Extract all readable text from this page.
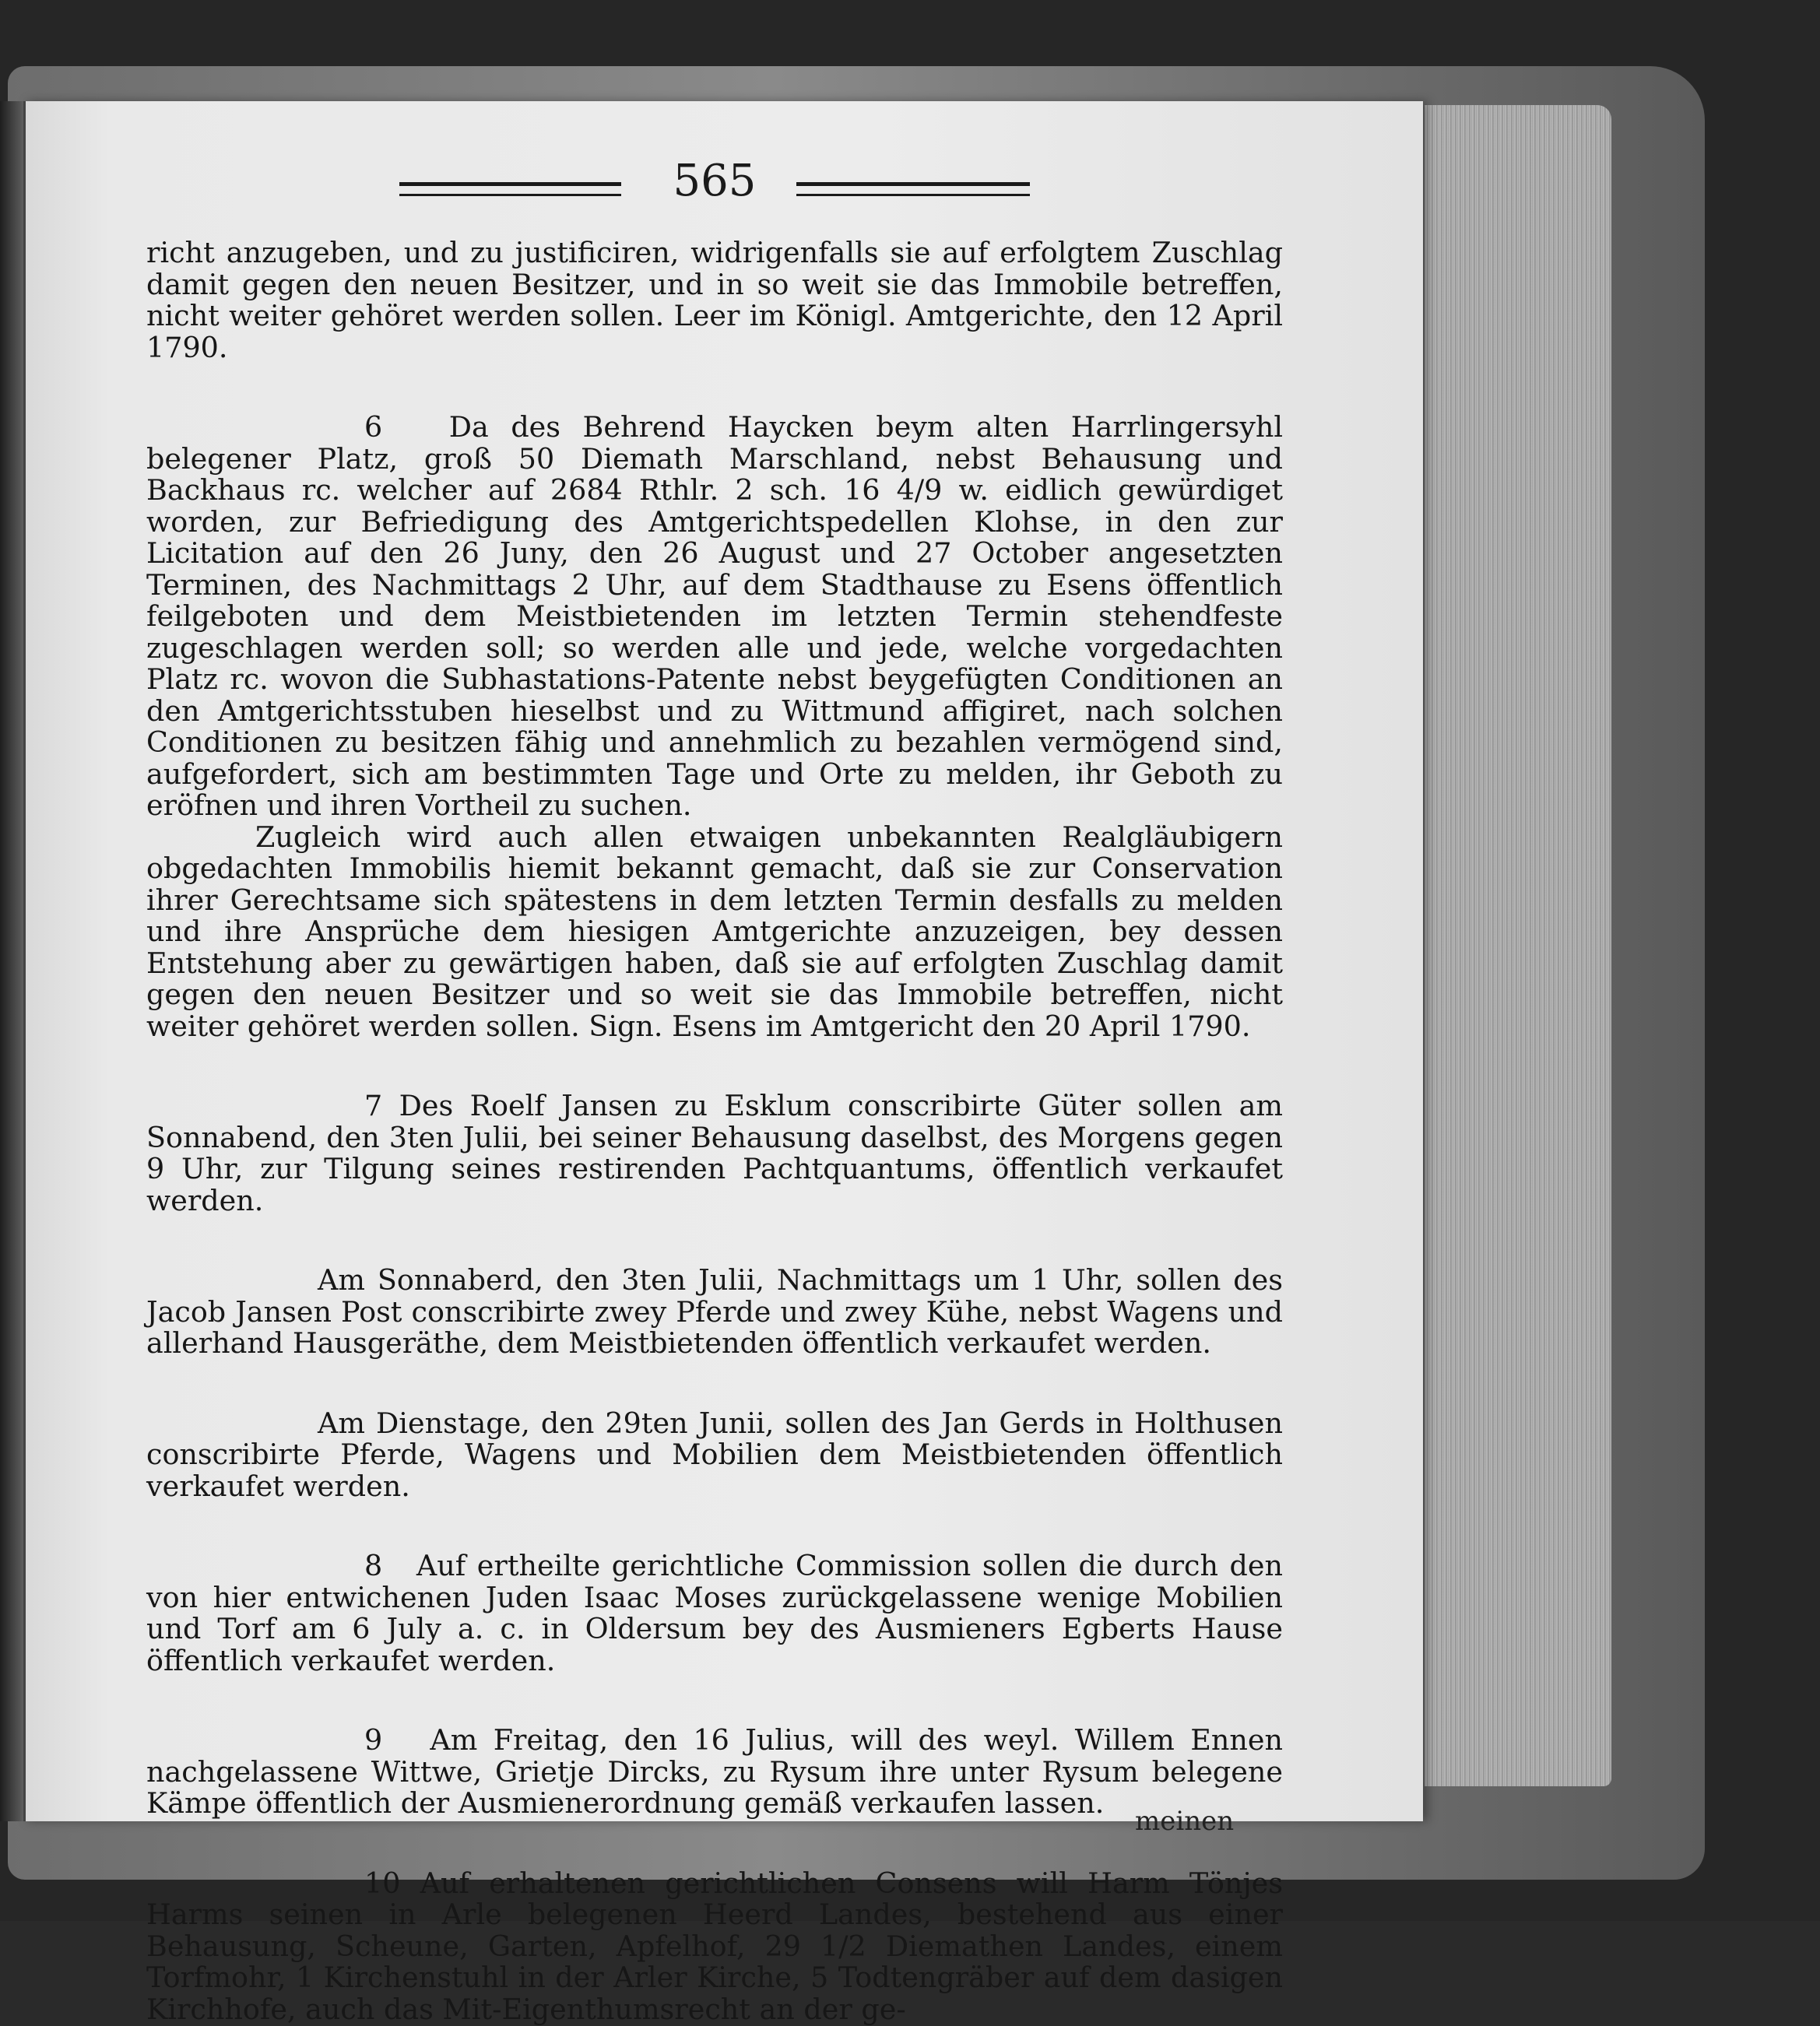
565

richt anzugeben, und zu justificiren, widrigenfalls sie auf erfolgtem Zuschlag damit gegen den neuen Besitzer, und in so weit sie das Immobile betreffen, nicht weiter gehöret werden sollen. Leer im Königl. Amtgerichte, den 12 April 1790.

6 Da des Behrend Haycken beym alten Harrlingersyhl belegener Platz, groß 50 Diemath Marschland, nebst Behausung und Backhaus rc. welcher auf 2684 Rthlr. 2 sch. 16 4/9 w. eidlich gewürdiget worden, zur Befriedigung des Amtgerichtspedellen Klohse, in den zur Licitation auf den 26 Juny, den 26 August und 27 October angesetzten Terminen, des Nachmittags 2 Uhr, auf dem Stadthause zu Esens öffentlich feilgeboten und dem Meistbietenden im letzten Termin stehendfeste zugeschlagen werden soll; so werden alle und jede, welche vorgedachten Platz rc. wovon die Subhastations-Patente nebst beygefügten Conditionen an den Amtgerichtsstuben hieselbst und zu Wittmund affigiret, nach solchen Conditionen zu besitzen fähig und annehmlich zu bezahlen vermögend sind, aufgefordert, sich am bestimmten Tage und Orte zu melden, ihr Geboth zu eröfnen und ihren Vortheil zu suchen.

Zugleich wird auch allen etwaigen unbekannten Realgläubigern obgedachten Immobilis hiemit bekannt gemacht, daß sie zur Conservation ihrer Gerechtsame sich spätestens in dem letzten Termin desfalls zu melden und ihre Ansprüche dem hiesigen Amtgerichte anzuzeigen, bey dessen Entstehung aber zu gewärtigen haben, daß sie auf erfolgten Zuschlag damit gegen den neuen Besitzer und so weit sie das Immobile betreffen, nicht weiter gehöret werden sollen. Sign. Esens im Amtgericht den 20 April 1790.

7 Des Roelf Jansen zu Esklum conscribirte Güter sollen am Sonnabend, den 3ten Julii, bei seiner Behausung daselbst, des Morgens gegen 9 Uhr, zur Tilgung seines restirenden Pachtquantums, öffentlich verkaufet werden.

Am Sonnaberd, den 3ten Julii, Nachmittags um 1 Uhr, sollen des Jacob Jansen Post conscribirte zwey Pferde und zwey Kühe, nebst Wagens und allerhand Hausgeräthe, dem Meistbietenden öffentlich verkaufet werden.

Am Dienstage, den 29ten Junii, sollen des Jan Gerds in Holthusen conscribirte Pferde, Wagens und Mobilien dem Meistbietenden öffentlich verkaufet werden.

8 Auf ertheilte gerichtliche Commission sollen die durch den von hier entwichenen Juden Isaac Moses zurückgelassene wenige Mobilien und Torf am 6 July a. c. in Oldersum bey des Ausmieners Egberts Hause öffentlich verkaufet werden.

9 Am Freitag, den 16 Julius, will des weyl. Willem Ennen nachgelassene Wittwe, Grietje Dircks, zu Rysum ihre unter Rysum belegene Kämpe öffentlich der Ausmienerordnung gemäß verkaufen lassen.

10 Auf erhaltenen gerichtlichen Consens will Harm Tönjes Harms seinen in Arle belegenen Heerd Landes, bestehend aus einer Behausung, Scheune, Garten, Apfelhof, 29 1/2 Diemathen Landes, einem Torfmohr, 1 Kirchenstuhl in der Arler Kirche, 5 Todtengräber auf dem dasigen Kirchhofe, auch das Mit-Eigenthumsrecht an der ge-

meinen
